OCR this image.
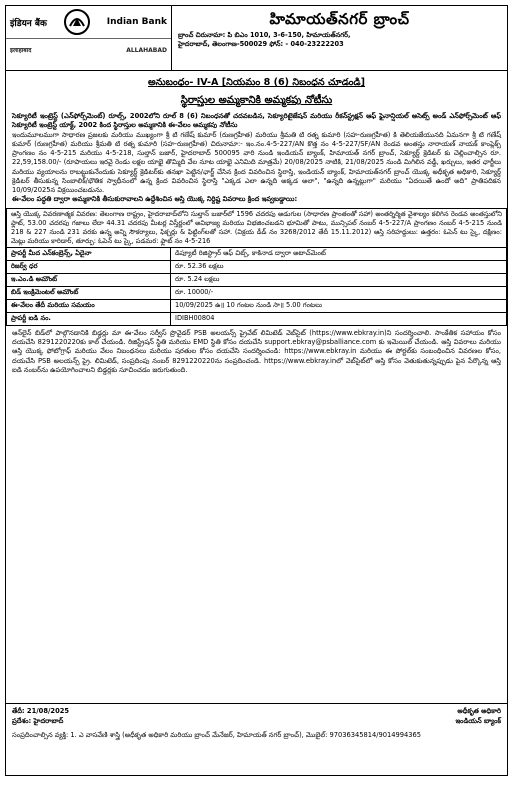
इंडियन बैंक	Indian Bank
इलाहाबाद	ALLAHABAD
హిమాయత్‌నగర్ బ్రాంచ్
బ్రాంచ్ చిరునామా: పి బిఎం 1010, 3-6-150, హిమాయత్‌నగర్,
హైదరాబాద్, తెలంగాణ-500029 ఫోన్: - 040-23222203
అనుబంధం- IV-A [నియమం 8 (6) నిబంధన చూడండి]
స్థిరాస్తుల అమ్మకానికి అమ్మకపు నోటీసు

సెక్యూరిటీ ఇంట్రెస్ట్ (ఎన్‌ఫోర్స్‌మెంట్) రూల్స్, 2002లోని రూల్ 8 (6) నిబంధనతో చదవబడిన, సెక్యూరిటైజేషన్ మరియు రీకన్‌స్ట్రక్షన్ ఆఫ్ ఫైనాన్షియల్ అసెట్స్ అండ్ ఎన్‌ఫోర్స్‌మెంట్ ఆఫ్ సెక్యూరిటీ ఇంట్రెస్ట్ యాక్ట్, 2002 కింద స్థిరాస్తుల అమ్మకానికి ఈ-వేలం అమ్మకపు నోటీసు

ఇందుమూలముగా సాధారణ ప్రజలకు మరియు ముఖ్యంగా శ్రీ టి గణేష్ కుమార్ (రుణగ్రహీత) మరియు శ్రీమతి టి రత్న కుమారి (సహ-రుణగ్రహీత) కి తెలియజేయునది ఏమనగా శ్రీ టి గణేష్ కుమార్ (రుణగ్రహీత) మరియు శ్రీమతి టి రత్న కుమారి (సహ-రుణగ్రహీత) చిరునామా:- ఇం.నం.4-5-227/AN కొత్త నం 4-5-227/SF/AN రెండవ అంతస్తు నారాయణ్ నాయక్ కాంప్లెక్స్ ప్రాంగణం నం 4-5-215 మరియు 4-5-218, సుల్తాన్ బజార్, హైదరాబాద్ 500095 వారి నుండి ఇండియన్ బ్యాంక్, హిమాయత్ నగర్ బ్రాంచ్, సెక్యూర్డ్ క్రెడిటర్ కు చెల్లించాల్సిన రూ. 22,59,158.00/- (రూపాయలు ఇరవై రెండు లక్షల యాభై తొమ్మిది వేల నూట యాభై ఎనిమిది మాత్రమే) 20/08/2025 నాటికి, 21/08/2025 నుండి మిగిలిన వడ్డీ, ఖర్చులు, ఇతర ఛార్జీలు మరియు వ్యయాలను రాబట్టుకునేందుకు సెక్యూర్డ్ క్రెడిటర్‌కు తనఖా పెట్టిన/ఛార్జ్ చేసిన క్రింద వివరించిన స్థిరాస్తి, ఇండియన్ బ్యాంక్, హిమాయత్‌నగర్ బ్రాంచ్ యొక్క అధీకృత అధికారి, సెక్యూర్డ్ క్రెడిటర్ తీసుకున్న సింబాలిక్/భౌతిక స్వాధీనంలో ఉన్న క్రింద వివరించిన స్థిరాస్తి "ఎక్కడ ఎలా ఉన్నది అక్కడ అలా", "ఉన్నది ఉన్నట్లుగా" మరియు "ఏదయితే ఉందో అది" ప్రాతిపదికన 10/09/2025న విక్రయించబడును.

ఈ-వేలం పద్ధతి ద్వారా అమ్మకానికి తీసుకురావాలని ఉద్దేశించిన ఆస్తి యొక్క నిర్దిష్ట వివరాలు క్రింద ఇవ్వబడ్డాయి:

ఆస్తి యొక్క వివరణాత్మక వివరణ: తెలంగాణ రాష్ట్రం, హైదరాబాద్‌లోని సుల్తాన్ బజార్‌లో 1596 చదరపు అడుగుల (సాధారణ ప్రాంతంతో సహా) అంతర్నిర్మిత వైశాల్యం కలిగిన రెండవ అంతస్తులోని ఫ్లాట్, 53.00 చదరపు గజాలు లేదా 44.31 చదరపు మీటర్ల విస్తీర్ణంలో అవిభాజ్య మరియు విభజించబడని భూమితో పాటు, మున్సిపల్ నంబర్ 4-5-227/A ప్రాంగణం నంబర్ 4-5-215 నుండి 218 & 227 నుండి 231 వరకు ఉన్న అన్ని సౌకర్యాలు, ఫిక్చర్లు & ఫిట్టింగ్‌లతో సహా. (విక్రయ డీడ్ నం 3268/2012 తేదీ 15.11.2012) ఆస్తి సరిహద్దులు: ఉత్తరం: ఓపెన్ టు స్కై, దక్షిణం: మెట్లు మరియు కారిడార్, తూర్పు: ఓపెన్ టు స్కై, పడమర: ఫ్లాట్ నం 4-5-216	
ప్రాపర్టీ మీద ఎన్‌కంబ్రెన్స్, ఏదైనా	డిప్యూటీ రిజిస్ట్రార్ ఆఫ్ చిట్స్, కాకినాడ ద్వారా అటాచ్‌మెంట్
రిజర్వ్ ధర	రూ. 52.36 లక్షలు
ఇ.ఎం.డి అమౌంట్	రూ. 5.24 లక్షలు
బిడ్ ఇంక్రిమెంటల్ అమౌంట్	రూ. 10000/-
ఈ-వేలం తేదీ మరియు సమయం	10/09/2025 ఉ॥ 10 గంటల నుండి సా॥ 5.00 గంటలు
ప్రాపర్టీ ఐడి నం.	IDIBH00804
ఆన్‌లైన్ బిడ్‌లో పాల్గొనడానికి బిడ్డర్లు మా ఈ-వేలం సర్వీస్ ప్రొవైడర్ PSB అలయన్స్ ప్రైవేట్ లిమిటెడ్ వెబ్‌సైట్ (https://www.ebkray.in)ని సందర్శించాలి. సాంకేతిక సహాయం కోసం దయచేసి 8291220220కు కాల్ చేయండి. రిజిస్ట్రేషన్ స్థితి మరియు EMD స్థితి కోసం దయచేసి support.ebkray@psballiance.com కు ఇమెయిల్ చేయండి. ఆస్తి వివరాలు మరియు ఆస్తి యొక్క ఫోటోగ్రాఫ్ మరియు వేలం నిబంధనలు మరియు షరతుల కోసం దయచేసి సందర్శించండి: https://www.ebkray.in మరియు ఈ పోర్టల్‌కు సంబంధించిన వివరణల కోసం, దయచేసి PSB అలయన్స్ ప్రై. లిమిటెడ్, సంప్రదింపు నంబర్ 8291220220ను సంప్రదించండి. https://www.ebkray.inలో వెబ్‌సైట్‌లో ఆస్తి కోసం వెతుకుతున్నప్పుడు పైన పేర్కొన్న ఆస్తి ఐడి నంబర్‌ను ఉపయోగించాలని బిడ్డర్లకు సూచించడం జరుగుతుంది.
తేదీ: 21/08/2025
ప్రదేశం: హైదరాబాద్
అధీకృత అధికారి
ఇండియన్ బ్యాంక్
సంప్రదించాల్సిన వ్యక్తి: 1. ఎ వాసవేణి శాస్త్రి (అధీకృత అధికారి మరియు బ్రాంచ్ మేనేజర్, హిమాయత్ నగర్ బ్రాంచ్), మొబైల్: 97036345814/9014994365
